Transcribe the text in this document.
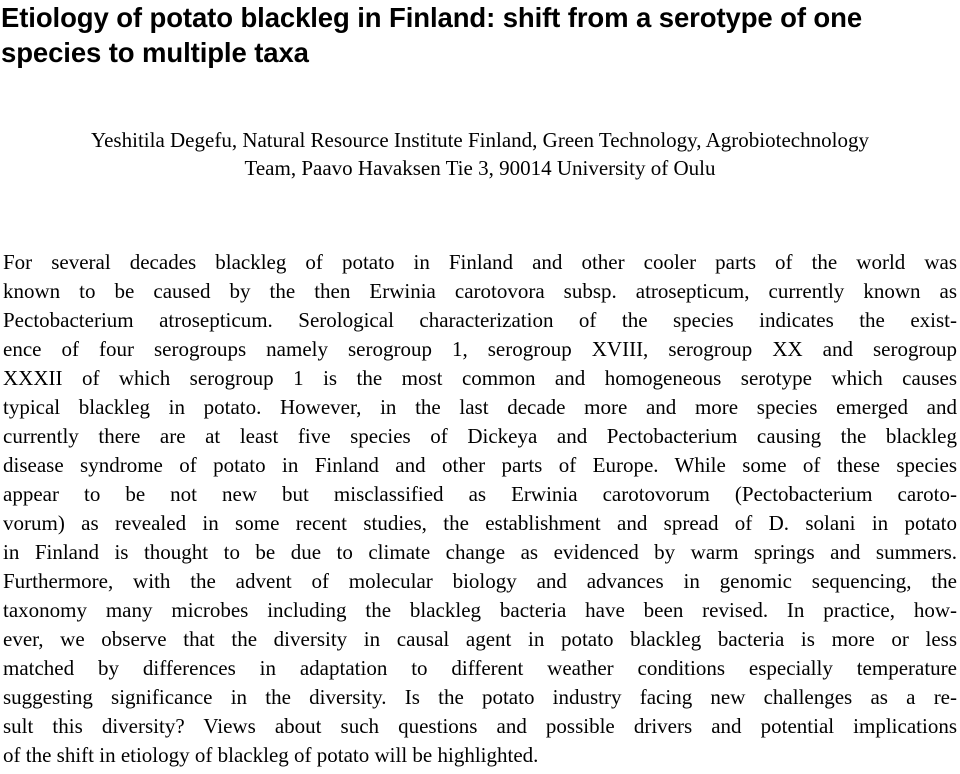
Etiology of potato blackleg in Finland: shift from a serotype of one
species to multiple taxa

Yeshitila Degefu, Natural Resource Institute Finland, Green Technology, Agrobiotechnology
Team, Paavo Havaksen Tie 3, 90014 University of Oulu

For several decades blackleg of potato in Finland and other cooler parts of the world was
known to be caused by the then Erwinia carotovora subsp. atrosepticum, currently known as
Pectobacterium atrosepticum. Serological characterization of the species indicates the exist-
ence of four serogroups namely serogroup 1, serogroup XVIII, serogroup XX and serogroup
XXXII of which serogroup 1 is the most common and homogeneous serotype which causes
typical blackleg in potato. However, in the last decade more and more species emerged and
currently there are at least five species of Dickeya and Pectobacterium causing the blackleg
disease syndrome of potato in Finland and other parts of Europe. While some of these species
appear to be not new but misclassified as Erwinia carotovorum (Pectobacterium caroto-
vorum) as revealed in some recent studies, the establishment and spread of D. solani in potato
in Finland is thought to be due to climate change as evidenced by warm springs and summers.
Furthermore, with the advent of molecular biology and advances in genomic sequencing, the
taxonomy many microbes including the blackleg bacteria have been revised. In practice, how-
ever, we observe that the diversity in causal agent in potato blackleg bacteria is more or less
matched by differences in adaptation to different weather conditions especially temperature
suggesting significance in the diversity. Is the potato industry facing new challenges as a re-
sult this diversity? Views about such questions and possible drivers and potential implications
of the shift in etiology of blackleg of potato will be highlighted.
